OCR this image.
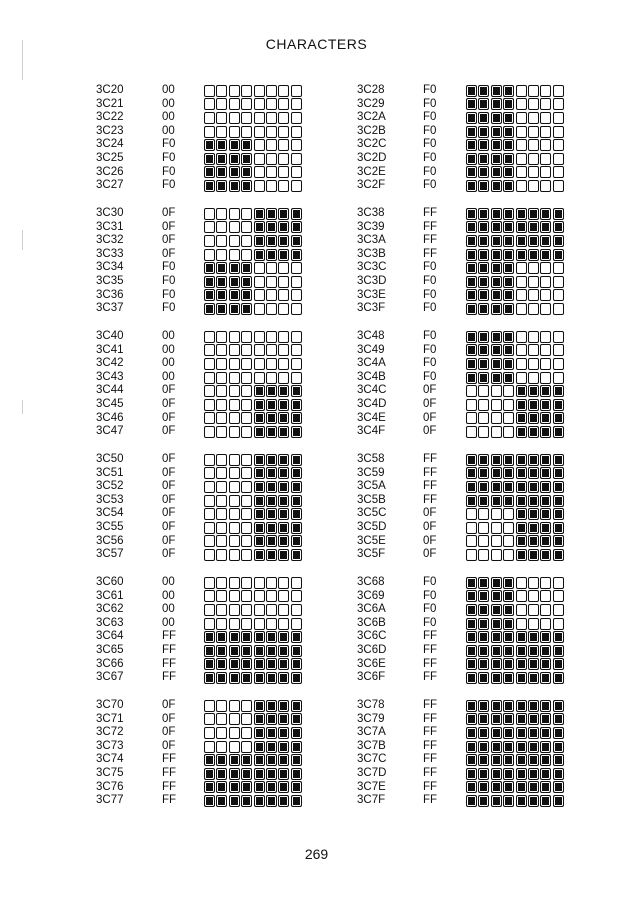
CHARACTERS
3C20
3C21
3C22
3C23
3C24
3C25
3C26
3C27
00
00
00
00
F0
F0
F0
F0
3C28
3C29
3C2A
3C2B
3C2C
3C2D
3C2E
3C2F
F0
F0
F0
F0
F0
F0
F0
F0
3C30
3C31
3C32
3C33
3C34
3C35
3C36
3C37
0F
0F
0F
0F
F0
F0
F0
F0
3C38
3C39
3C3A
3C3B
3C3C
3C3D
3C3E
3C3F
FF
FF
FF
FF
F0
F0
F0
F0
3C40
3C41
3C42
3C43
3C44
3C45
3C46
3C47
00
00
00
00
0F
0F
0F
0F
3C48
3C49
3C4A
3C4B
3C4C
3C4D
3C4E
3C4F
F0
F0
F0
F0
0F
0F
0F
0F
3C50
3C51
3C52
3C53
3C54
3C55
3C56
3C57
0F
0F
0F
0F
0F
0F
0F
0F
3C58
3C59
3C5A
3C5B
3C5C
3C5D
3C5E
3C5F
FF
FF
FF
FF
0F
0F
0F
0F
3C60
3C61
3C62
3C63
3C64
3C65
3C66
3C67
00
00
00
00
FF
FF
FF
FF
3C68
3C69
3C6A
3C6B
3C6C
3C6D
3C6E
3C6F
F0
F0
F0
F0
FF
FF
FF
FF
3C70
3C71
3C72
3C73
3C74
3C75
3C76
3C77
0F
0F
0F
0F
FF
FF
FF
FF
3C78
3C79
3C7A
3C7B
3C7C
3C7D
3C7E
3C7F
FF
FF
FF
FF
FF
FF
FF
FF
269
